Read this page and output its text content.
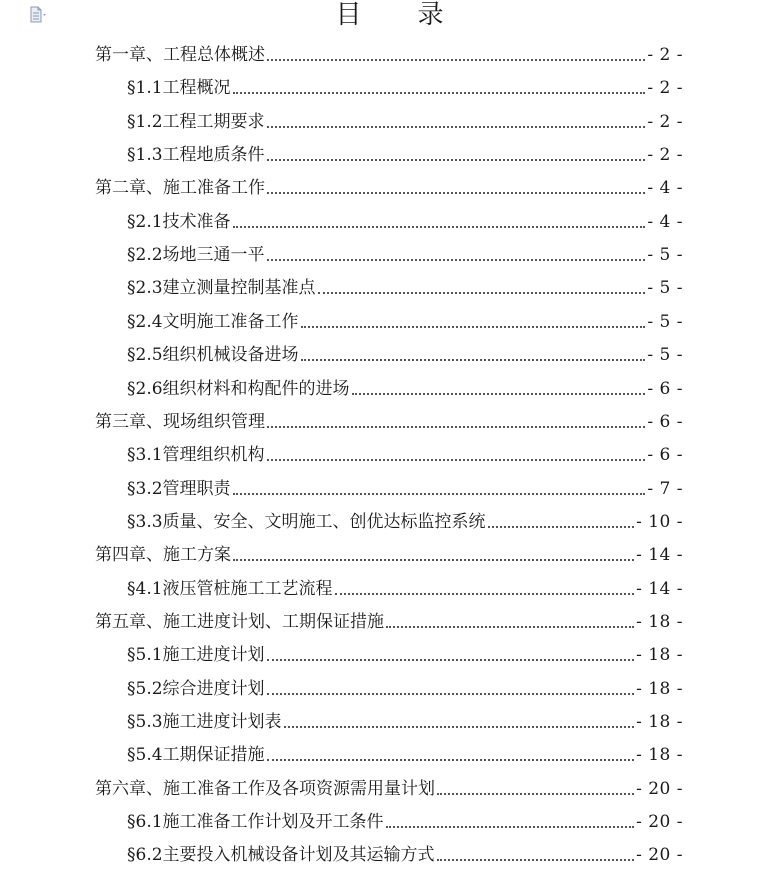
目 录
第一章、工程总体概述	- 2 -
§1.1工程概况	- 2 -
§1.2工程工期要求	- 2 -
§1.3工程地质条件	- 2 -
第二章、施工准备工作	- 4 -
§2.1技术准备	- 4 -
§2.2场地三通一平	- 5 -
§2.3建立测量控制基准点	- 5 -
§2.4文明施工准备工作	- 5 -
§2.5组织机械设备进场	- 5 -
§2.6组织材料和构配件的进场	- 6 -
第三章、现场组织管理	- 6 -
§3.1管理组织机构	- 6 -
§3.2管理职责	- 7 -
§3.3质量、安全、文明施工、创优达标监控系统	- 10 -
第四章、施工方案	- 14 -
§4.1液压管桩施工工艺流程	- 14 -
第五章、施工进度计划、工期保证措施	- 18 -
§5.1施工进度计划	- 18 -
§5.2综合进度计划	- 18 -
§5.3施工进度计划表	- 18 -
§5.4工期保证措施	- 18 -
第六章、施工准备工作及各项资源需用量计划	- 20 -
§6.1施工准备工作计划及开工条件	- 20 -
§6.2主要投入机械设备计划及其运输方式	- 20 -
